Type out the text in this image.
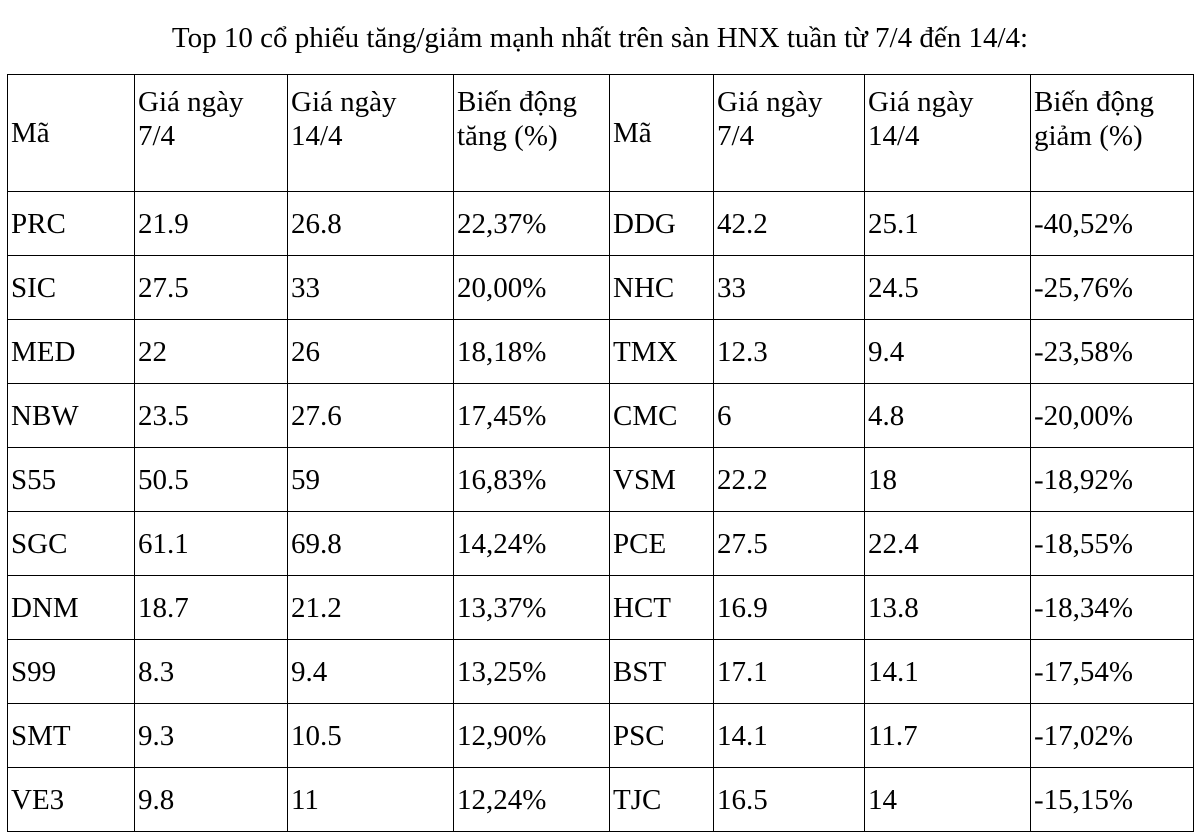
Top 10 cổ phiếu tăng/giảm mạnh nhất trên sàn HNX tuần từ 7/4 đến 14/4:

Mã	Giá ngày 7/4	Giá ngày 14/4	Biến động tăng (%)	Mã	Giá ngày 7/4	Giá ngày 14/4	Biến động giảm (%)
PRC	21.9	26.8	22,37%	DDG	42.2	25.1	-40,52%
SIC	27.5	33	20,00%	NHC	33	24.5	-25,76%
MED	22	26	18,18%	TMX	12.3	9.4	-23,58%
NBW	23.5	27.6	17,45%	CMC	6	4.8	-20,00%
S55	50.5	59	16,83%	VSM	22.2	18	-18,92%
SGC	61.1	69.8	14,24%	PCE	27.5	22.4	-18,55%
DNM	18.7	21.2	13,37%	HCT	16.9	13.8	-18,34%
S99	8.3	9.4	13,25%	BST	17.1	14.1	-17,54%
SMT	9.3	10.5	12,90%	PSC	14.1	11.7	-17,02%
VE3	9.8	11	12,24%	TJC	16.5	14	-15,15%
